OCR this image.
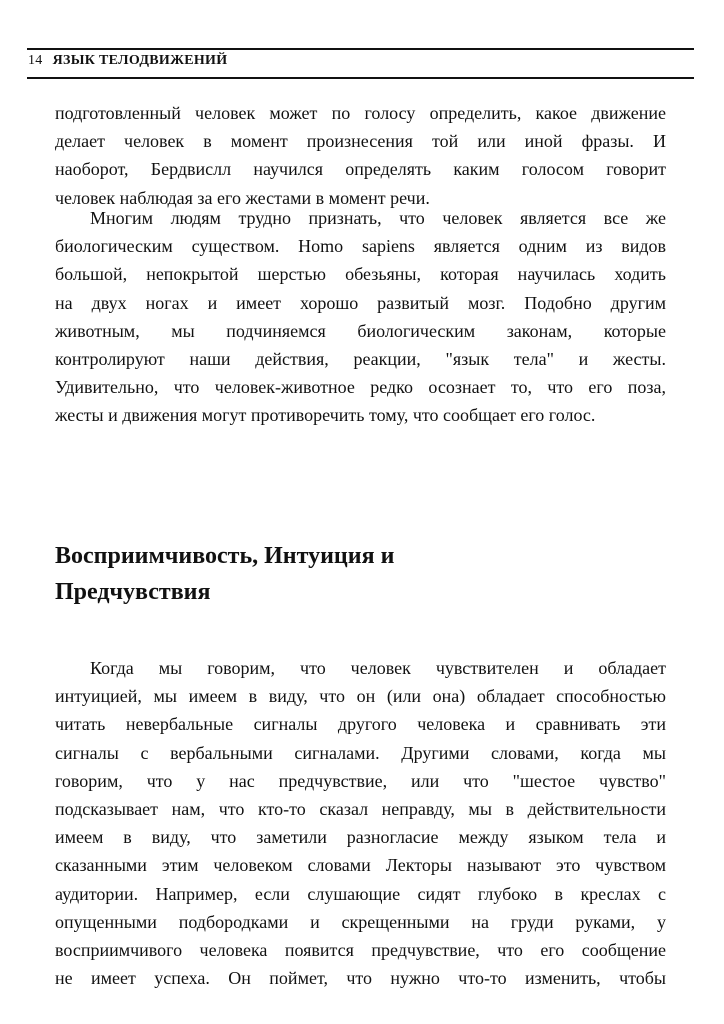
14 ЯЗЫК ТЕЛОДВИЖЕНИЙ
подготовленный человек может по голосу определить, какое движение
делает человек в момент произнесения той или иной фразы. И
наоборот, Бердвислл научился определять каким голосом говорит
человек наблюдая за его жестами в момент речи.
Многим людям трудно признать, что человек является все же
биологическим существом. Homo sapiens является одним из видов
большой, непокрытой шерстью обезьяны, которая научилась ходить
на двух ногах и имеет хорошо развитый мозг. Подобно другим
животным, мы подчиняемся биологическим законам, которые
контролируют наши действия, реакции, "язык тела" и жесты.
Удивительно, что человек-животное редко осознает то, что его поза,
жесты и движения могут противоречить тому, что сообщает его голос.
Восприимчивость, Интуиция и
Предчувствия
Когда мы говорим, что человек чувствителен и обладает
интуицией, мы имеем в виду, что он (или она) обладает способностью
читать невербальные сигналы другого человека и сравнивать эти
сигналы с вербальными сигналами. Другими словами, когда мы
говорим, что у нас предчувствие, или что "шестое чувство"
подсказывает нам, что кто-то сказал неправду, мы в действительности
имеем в виду, что заметили разногласие между языком тела и
сказанными этим человеком словами Лекторы называют это чувством
аудитории. Например, если слушающие сидят глубоко в креслах с
опущенными подбородками и скрещенными на груди руками, у
восприимчивого человека появится предчувствие, что его сообщение
не имеет успеха. Он поймет, что нужно что-то изменить, чтобы
